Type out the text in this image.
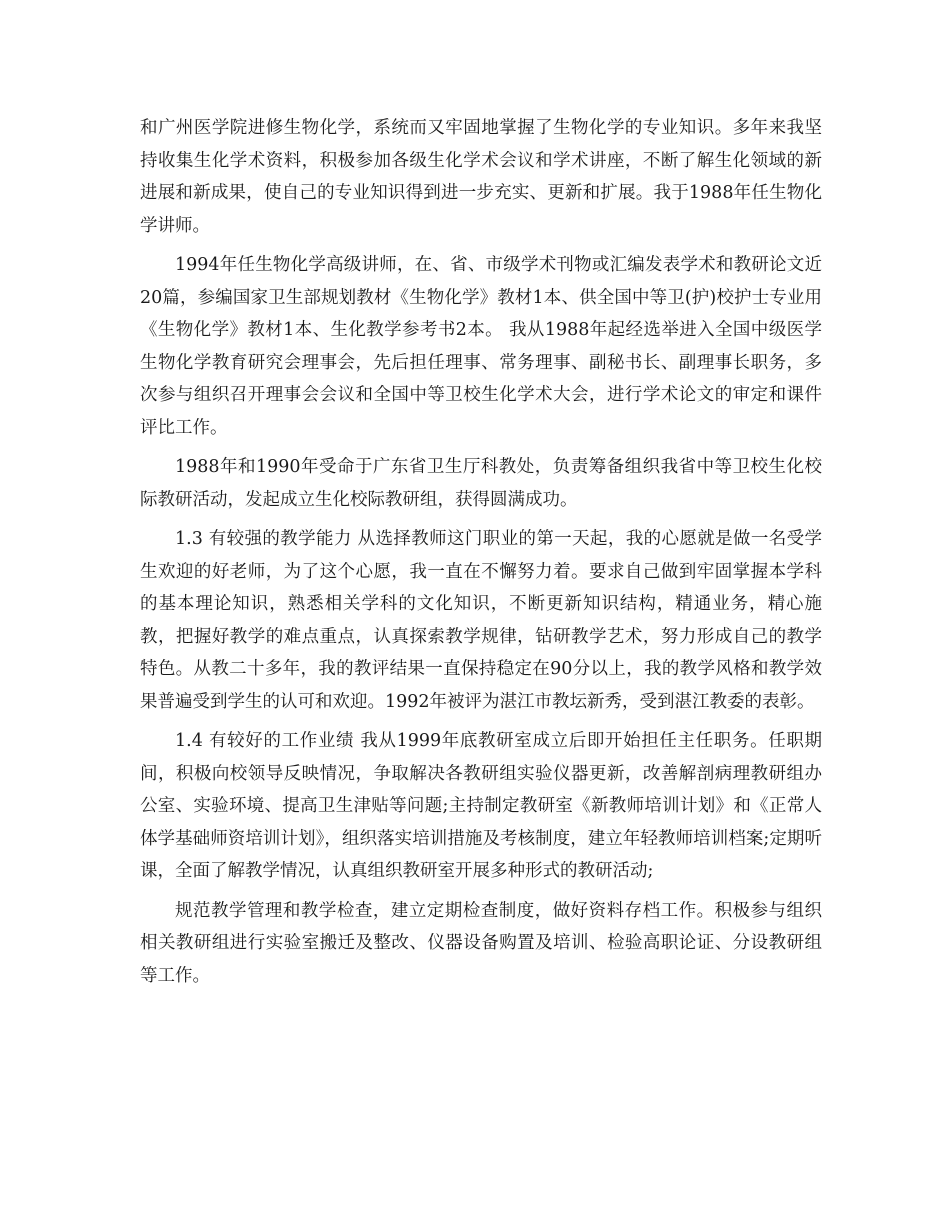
和广州医学院进修生物化学，系统而又牢固地掌握了生物化学的专业知识。多年来我坚持收集生化学术资料，积极参加各级生化学术会议和学术讲座，不断了解生化领域的新进展和新成果，使自己的专业知识得到进一步充实、更新和扩展。我于1988年任生物化学讲师。

1994年任生物化学高级讲师，在、省、市级学术刊物或汇编发表学术和教研论文近20篇，参编国家卫生部规划教材《生物化学》教材1本、供全国中等卫(护)校护士专业用《生物化学》教材1本、生化教学参考书2本。 我从1988年起经选举进入全国中级医学生物化学教育研究会理事会，先后担任理事、常务理事、副秘书长、副理事长职务，多次参与组织召开理事会会议和全国中等卫校生化学术大会，进行学术论文的审定和课件评比工作。

1988年和1990年受命于广东省卫生厅科教处，负责筹备组织我省中等卫校生化校际教研活动，发起成立生化校际教研组，获得圆满成功。

1.3 有较强的教学能力 从选择教师这门职业的第一天起，我的心愿就是做一名受学生欢迎的好老师，为了这个心愿，我一直在不懈努力着。要求自己做到牢固掌握本学科的基本理论知识，熟悉相关学科的文化知识，不断更新知识结构，精通业务，精心施教，把握好教学的难点重点，认真探索教学规律，钻研教学艺术，努力形成自己的教学特色。从教二十多年，我的教评结果一直保持稳定在90分以上，我的教学风格和教学效果普遍受到学生的认可和欢迎。1992年被评为湛江市教坛新秀，受到湛江教委的表彰。

1.4 有较好的工作业绩 我从1999年底教研室成立后即开始担任主任职务。任职期间，积极向校领导反映情况，争取解决各教研组实验仪器更新，改善解剖病理教研组办公室、实验环境、提高卫生津贴等问题;主持制定教研室《新教师培训计划》和《正常人体学基础师资培训计划》，组织落实培训措施及考核制度，建立年轻教师培训档案;定期听课，全面了解教学情况，认真组织教研室开展多种形式的教研活动;

规范教学管理和教学检查，建立定期检查制度，做好资料存档工作。积极参与组织相关教研组进行实验室搬迁及整改、仪器设备购置及培训、检验高职论证、分设教研组等工作。
